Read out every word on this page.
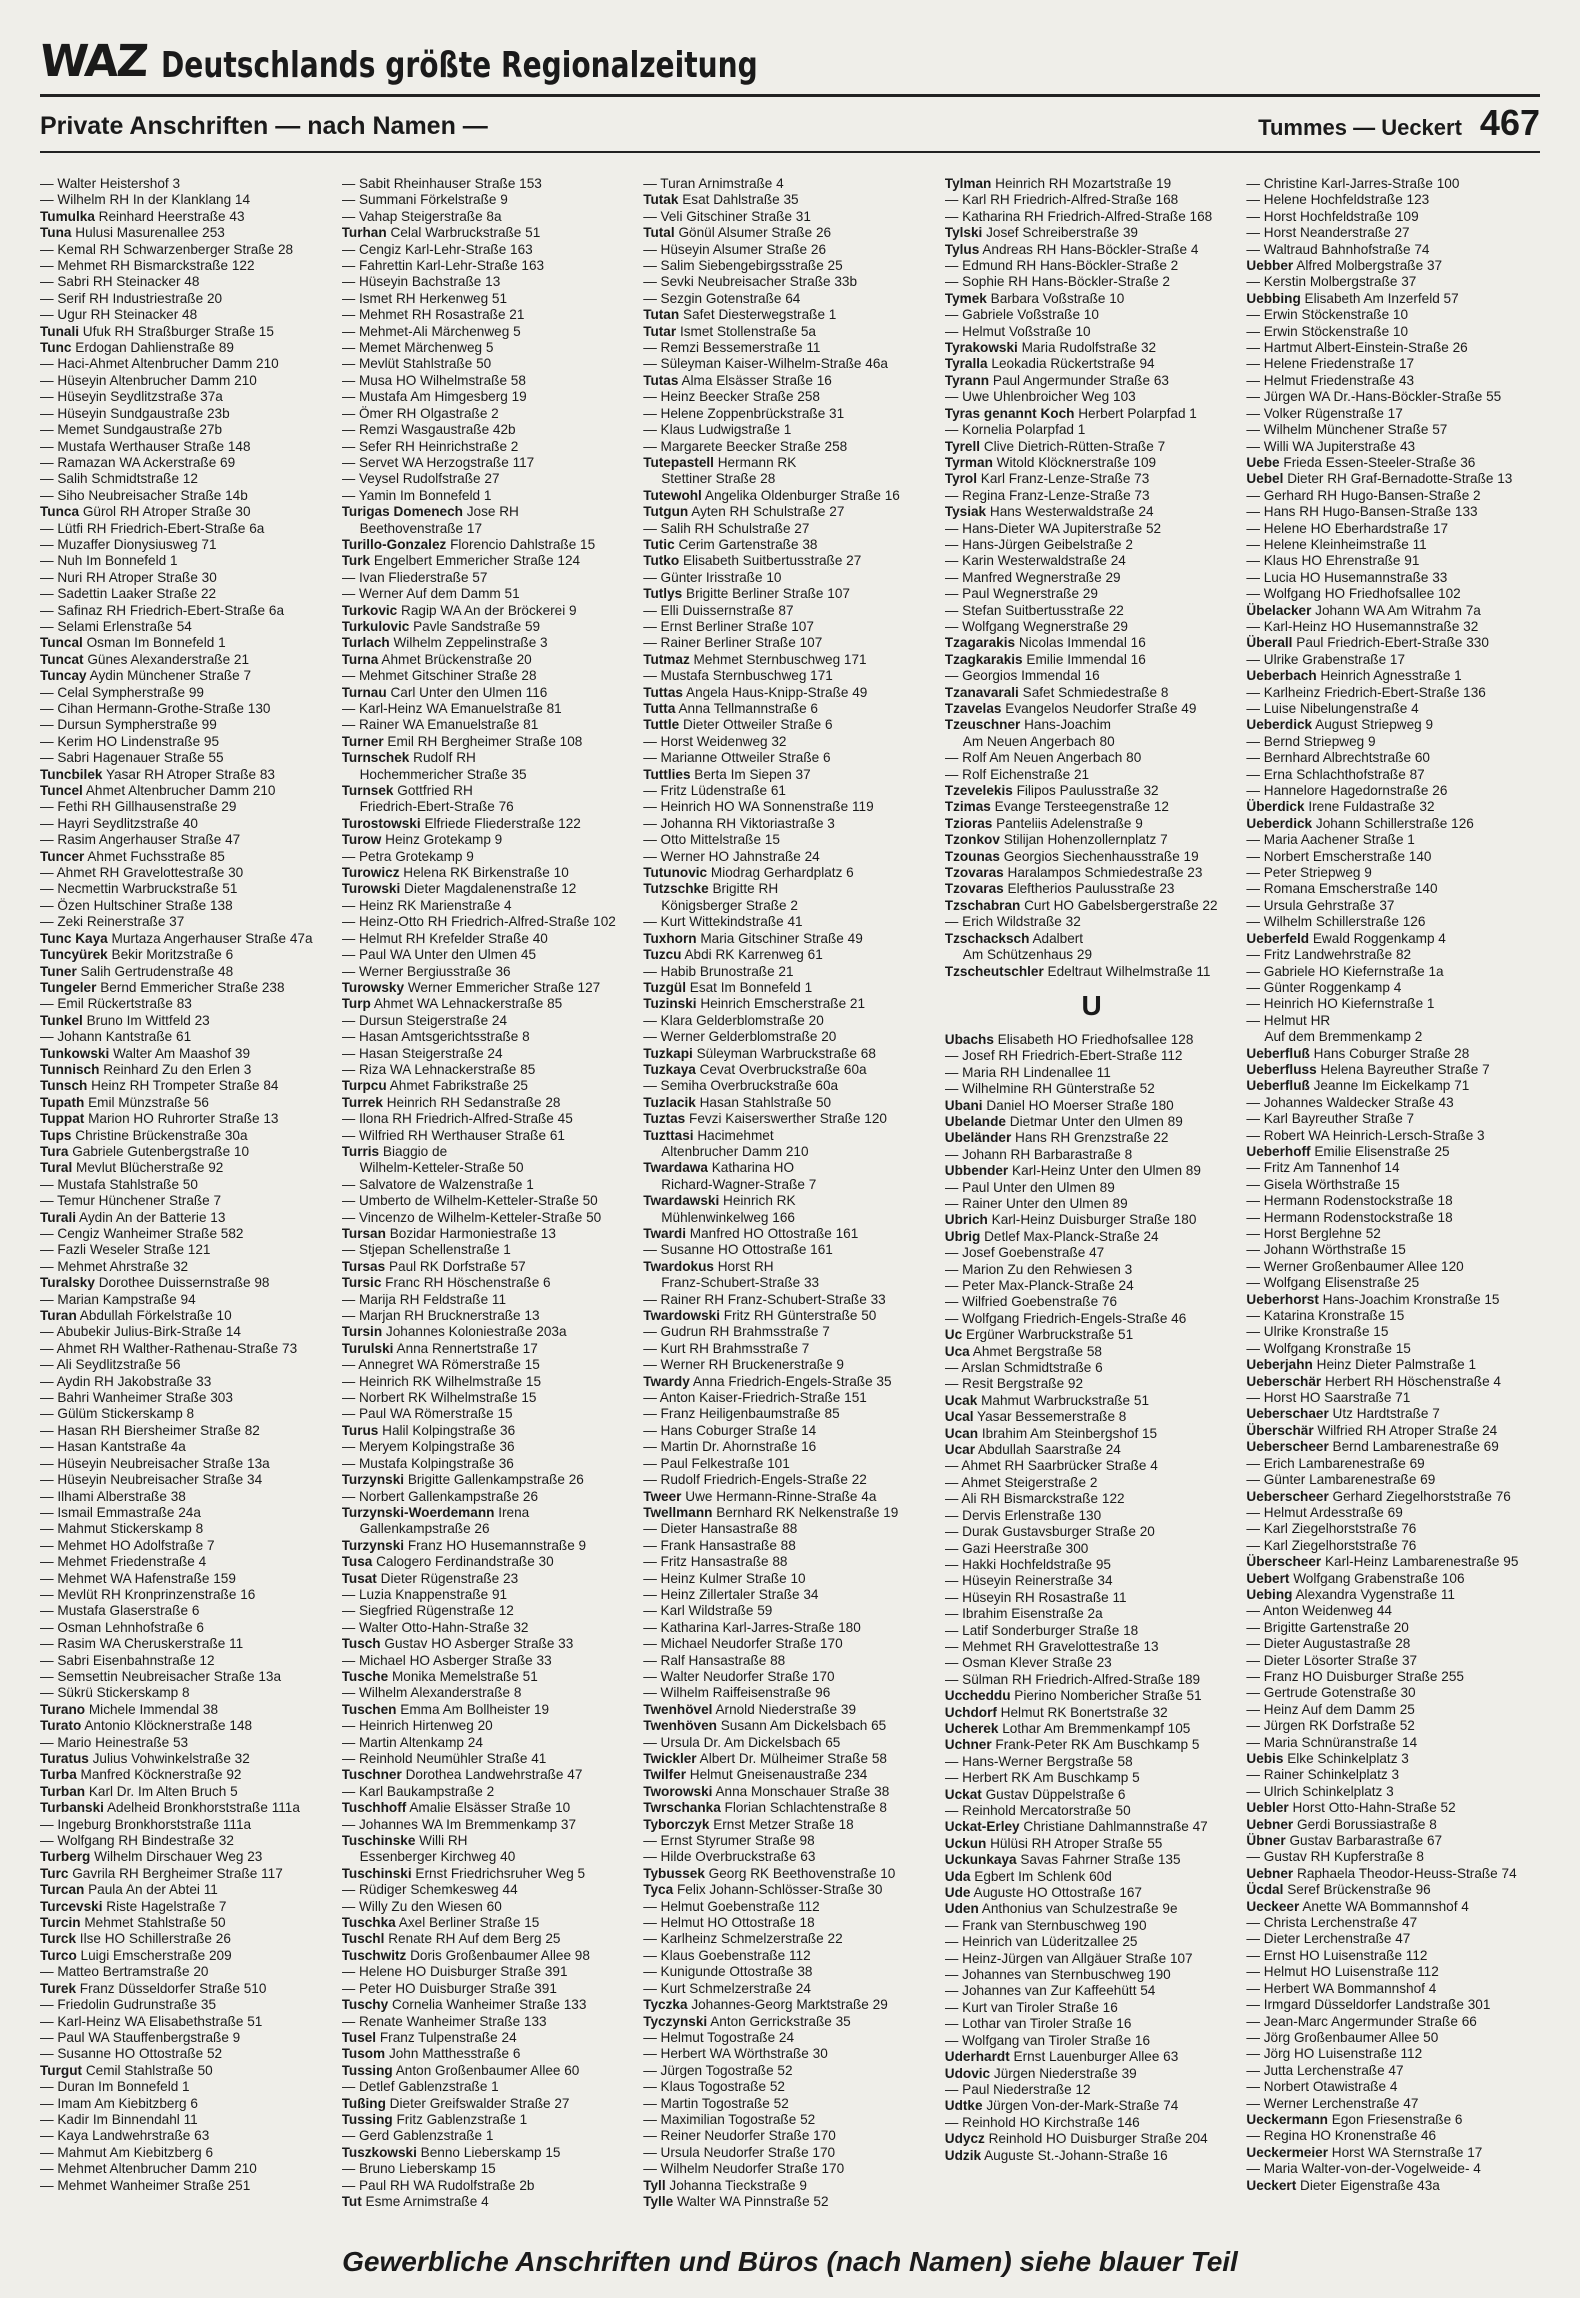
WAZ Deutschlands größte Regionalzeitung
Private Anschriften — nach Namen —	Tummes — Ueckert 467
— Walter Heistershof 3
— Wilhelm RH In der Klanklang 14
Tumulka Reinhard Heerstraße 43
Tuna Hulusi Masurenallee 253
— Kemal RH Schwarzenberger Straße 28
— Mehmet RH Bismarckstraße 122
— Sabri RH Steinacker 48
— Serif RH Industriestraße 20
— Ugur RH Steinacker 48
Tunali Ufuk RH Straßburger Straße 15
Tunc Erdogan Dahlienstraße 89
— Haci-Ahmet Altenbrucher Damm 210
— Hüseyin Altenbrucher Damm 210
— Hüseyin Seydlitzstraße 37a
— Hüseyin Sundgaustraße 23b
— Memet Sundgaustraße 27b
— Mustafa Werthauser Straße 148
— Ramazan WA Ackerstraße 69
— Salih Schmidtstraße 12
— Siho Neubreisacher Straße 14b
Tunca Gürol RH Atroper Straße 30
— Lütfi RH Friedrich-Ebert-Straße 6a
— Muzaffer Dionysiusweg 71
— Nuh Im Bonnefeld 1
— Nuri RH Atroper Straße 30
— Sadettin Laaker Straße 22
— Safinaz RH Friedrich-Ebert-Straße 6a
— Selami Erlenstraße 54
Tuncal Osman Im Bonnefeld 1
Tuncat Günes Alexanderstraße 21
Tuncay Aydin Münchener Straße 7
— Celal Sympherstraße 99
— Cihan Hermann-Grothe-Straße 130
— Dursun Sympherstraße 99
— Kerim HO Lindenstraße 95
— Sabri Hagenauer Straße 55
Tuncbilek Yasar RH Atroper Straße 83
Tuncel Ahmet Altenbrucher Damm 210
— Fethi RH Gillhausenstraße 29
— Hayri Seydlitzstraße 40
— Rasim Angerhauser Straße 47
Tuncer Ahmet Fuchsstraße 85
— Ahmet RH Gravelottestraße 30
— Necmettin Warbruckstraße 51
— Özen Hultschiner Straße 138
— Zeki Reinerstraße 37
Tunc Kaya Murtaza Angerhauser Straße 47a
Tuncyürek Bekir Moritzstraße 6
Tuner Salih Gertrudenstraße 48
Tungeler Bernd Emmericher Straße 238
— Emil Rückertstraße 83
Tunkel Bruno Im Wittfeld 23
— Johann Kantstraße 61
Tunkowski Walter Am Maashof 39
Tunnisch Reinhard Zu den Erlen 3
Tunsch Heinz RH Trompeter Straße 84
Tupath Emil Münzstraße 56
Tuppat Marion HO Ruhrorter Straße 13
Tups Christine Brückenstraße 30a
Tura Gabriele Gutenbergstraße 10
Tural Mevlut Blücherstraße 92
— Mustafa Stahlstraße 50
— Temur Hünchener Straße 7
Turali Aydin An der Batterie 13
— Cengiz Wanheimer Straße 582
— Fazli Weseler Straße 121
— Mehmet Ahrstraße 32
Turalsky Dorothee Duissernstraße 98
— Marian Kampstraße 94
Turan Abdullah Förkelstraße 10
— Abubekir Julius-Birk-Straße 14
— Ahmet RH Walther-Rathenau-Straße 73
— Ali Seydlitzstraße 56
— Aydin RH Jakobstraße 33
— Bahri Wanheimer Straße 303
— Gülüm Stickerskamp 8
— Hasan RH Biersheimer Straße 82
— Hasan Kantstraße 4a
— Hüseyin Neubreisacher Straße 13a
— Hüseyin Neubreisacher Straße 34
— Ilhami Alberstraße 38
— Ismail Emmastraße 24a
— Mahmut Stickerskamp 8
— Mehmet HO Adolfstraße 7
— Mehmet Friedenstraße 4
— Mehmet WA Hafenstraße 159
— Mevlüt RH Kronprinzenstraße 16
— Mustafa Glaserstraße 6
— Osman Lehnhofstraße 6
— Rasim WA Cheruskerstraße 11
— Sabri Eisenbahnstraße 12
— Semsettin Neubreisacher Straße 13a
— Sükrü Stickerskamp 8
Turano Michele Immendal 38
Turato Antonio Klöcknerstraße 148
— Mario Heinestraße 53
Turatus Julius Vohwinkelstraße 32
Turba Manfred Köcknerstraße 92
Turban Karl Dr. Im Alten Bruch 5
Turbanski Adelheid Bronkhorststraße 111a
— Ingeburg Bronkhorststraße 111a
— Wolfgang RH Bindestraße 32
Turberg Wilhelm Dirschauer Weg 23
Turc Gavrila RH Bergheimer Straße 117
Turcan Paula An der Abtei 11
Turcevski Riste Hagelstraße 7
Turcin Mehmet Stahlstraße 50
Turck Ilse HO Schillerstraße 26
Turco Luigi Emscherstraße 209
— Matteo Bertramstraße 20
Turek Franz Düsseldorfer Straße 510
— Friedolin Gudrunstraße 35
— Karl-Heinz WA Elisabethstraße 51
— Paul WA Stauffenbergstraße 9
— Susanne HO Ottostraße 52
Turgut Cemil Stahlstraße 50
— Duran Im Bonnefeld 1
— Imam Am Kiebitzberg 6
— Kadir Im Binnendahl 11
— Kaya Landwehrstraße 63
— Mahmut Am Kiebitzberg 6
— Mehmet Altenbrucher Damm 210
— Mehmet Wanheimer Straße 251
— Sabit Rheinhauser Straße 153
— Summani Förkelstraße 9
— Vahap Steigerstraße 8a
Turhan Celal Warbruckstraße 51
— Cengiz Karl-Lehr-Straße 163
— Fahrettin Karl-Lehr-Straße 163
— Hüseyin Bachstraße 13
— Ismet RH Herkenweg 51
— Mehmet RH Rosastraße 21
— Mehmet-Ali Märchenweg 5
— Memet Märchenweg 5
— Mevlüt Stahlstraße 50
— Musa HO Wilhelmstraße 58
— Mustafa Am Himgesberg 19
— Ömer RH Olgastraße 2
— Remzi Wasgaustraße 42b
— Sefer RH Heinrichstraße 2
— Servet WA Herzogstraße 117
— Veysel Rudolfstraße 27
— Yamin Im Bonnefeld 1
Turigas Domenech Jose RH
Beethovenstraße 17
Turillo-Gonzalez Florencio Dahlstraße 15
Turk Engelbert Emmericher Straße 124
— Ivan Fliederstraße 57
— Werner Auf dem Damm 51
Turkovic Ragip WA An der Bröckerei 9
Turkulovic Pavle Sandstraße 59
Turlach Wilhelm Zeppelinstraße 3
Turna Ahmet Brückenstraße 20
— Mehmet Gitschiner Straße 28
Turnau Carl Unter den Ulmen 116
— Karl-Heinz WA Emanuelstraße 81
— Rainer WA Emanuelstraße 81
Turner Emil RH Bergheimer Straße 108
Turnschek Rudolf RH
Hochemmericher Straße 35
Turnsek Gottfried RH
Friedrich-Ebert-Straße 76
Turostowski Elfriede Fliederstraße 122
Turow Heinz Grotekamp 9
— Petra Grotekamp 9
Turowicz Helena RK Birkenstraße 10
Turowski Dieter Magdalenenstraße 12
— Heinz RK Marienstraße 4
— Heinz-Otto RH Friedrich-Alfred-Straße 102
— Helmut RH Krefelder Straße 40
— Paul WA Unter den Ulmen 45
— Werner Bergiusstraße 36
Turowsky Werner Emmericher Straße 127
Turp Ahmet WA Lehnackerstraße 85
— Dursun Steigerstraße 24
— Hasan Amtsgerichtsstraße 8
— Hasan Steigerstraße 24
— Riza WA Lehnackerstraße 85
Turpcu Ahmet Fabrikstraße 25
Turrek Heinrich RH Sedanstraße 28
— Ilona RH Friedrich-Alfred-Straße 45
— Wilfried RH Werthauser Straße 61
Turris Biaggio de
Wilhelm-Ketteler-Straße 50
— Salvatore de Walzenstraße 1
— Umberto de Wilhelm-Ketteler-Straße 50
— Vincenzo de Wilhelm-Ketteler-Straße 50
Tursan Bozidar Harmoniestraße 13
— Stjepan Schellenstraße 1
Tursas Paul RK Dorfstraße 57
Tursic Franc RH Höschenstraße 6
— Marija RH Feldstraße 11
— Marjan RH Brucknerstraße 13
Tursin Johannes Koloniestraße 203a
Turulski Anna Rennertstraße 17
— Annegret WA Römerstraße 15
— Heinrich RK Wilhelmstraße 15
— Norbert RK Wilhelmstraße 15
— Paul WA Römerstraße 15
Turus Halil Kolpingstraße 36
— Meryem Kolpingstraße 36
— Mustafa Kolpingstraße 36
Turzynski Brigitte Gallenkampstraße 26
— Norbert Gallenkampstraße 26
Turzynski-Woerdemann Irena
Gallenkampstraße 26
Turzynski Franz HO Husemannstraße 9
Tusa Calogero Ferdinandstraße 30
Tusat Dieter Rügenstraße 23
— Luzia Knappenstraße 91
— Siegfried Rügenstraße 12
— Walter Otto-Hahn-Straße 32
Tusch Gustav HO Asberger Straße 33
— Michael HO Asberger Straße 33
Tusche Monika Memelstraße 51
— Wilhelm Alexanderstraße 8
Tuschen Emma Am Bollheister 19
— Heinrich Hirtenweg 20
— Martin Altenkamp 24
— Reinhold Neumühler Straße 41
Tuschner Dorothea Landwehrstraße 47
— Karl Baukampstraße 2
Tuschhoff Amalie Elsässer Straße 10
— Johannes WA Im Bremmenkamp 37
Tuschinske Willi RH
Essenberger Kirchweg 40
Tuschinski Ernst Friedrichsruher Weg 5
— Rüdiger Schemkesweg 44
— Willy Zu den Wiesen 60
Tuschka Axel Berliner Straße 15
Tuschl Renate RH Auf dem Berg 25
Tuschwitz Doris Großenbaumer Allee 98
— Helene HO Duisburger Straße 391
— Peter HO Duisburger Straße 391
Tuschy Cornelia Wanheimer Straße 133
— Renate Wanheimer Straße 133
Tusel Franz Tulpenstraße 24
Tusom John Matthesstraße 6
Tussing Anton Großenbaumer Allee 60
— Detlef Gablenzstraße 1
Tußing Dieter Greifswalder Straße 27
Tussing Fritz Gablenzstraße 1
— Gerd Gablenzstraße 1
Tuszkowski Benno Lieberskamp 15
— Bruno Lieberskamp 15
— Paul RH WA Rudolfstraße 2b
Tut Esme Arnimstraße 4
— Turan Arnimstraße 4
Tutak Esat Dahlstraße 35
— Veli Gitschiner Straße 31
Tutal Gönül Alsumer Straße 26
— Hüseyin Alsumer Straße 26
— Salim Siebengebirgsstraße 25
— Sevki Neubreisacher Straße 33b
— Sezgin Gotenstraße 64
Tutan Safet Diesterwegstraße 1
Tutar Ismet Stollenstraße 5a
— Remzi Bessemerstraße 11
— Süleyman Kaiser-Wilhelm-Straße 46a
Tutas Alma Elsässer Straße 16
— Heinz Beecker Straße 258
— Helene Zoppenbrückstraße 31
— Klaus Ludwigstraße 1
— Margarete Beecker Straße 258
Tutepastell Hermann RK
Stettiner Straße 28
Tutewohl Angelika Oldenburger Straße 16
Tutgun Ayten RH Schulstraße 27
— Salih RH Schulstraße 27
Tutic Cerim Gartenstraße 38
Tutko Elisabeth Suitbertusstraße 27
— Günter Irisstraße 10
Tutlys Brigitte Berliner Straße 107
— Elli Duissernstraße 87
— Ernst Berliner Straße 107
— Rainer Berliner Straße 107
Tutmaz Mehmet Sternbuschweg 171
— Mustafa Sternbuschweg 171
Tuttas Angela Haus-Knipp-Straße 49
Tutta Anna Tellmannstraße 6
Tuttle Dieter Ottweiler Straße 6
— Horst Weidenweg 32
— Marianne Ottweiler Straße 6
Tuttlies Berta Im Siepen 37
— Fritz Lüdenstraße 61
— Heinrich HO WA Sonnenstraße 119
— Johanna RH Viktoriastraße 3
— Otto Mittelstraße 15
— Werner HO Jahnstraße 24
Tutunovic Miodrag Gerhardplatz 6
Tutzschke Brigitte RH
Königsberger Straße 2
— Kurt Wittekindstraße 41
Tuxhorn Maria Gitschiner Straße 49
Tuzcu Abdi RK Karrenweg 61
— Habib Brunostraße 21
Tuzgül Esat Im Bonnefeld 1
Tuzinski Heinrich Emscherstraße 21
— Klara Gelderblomstraße 20
— Werner Gelderblomstraße 20
Tuzkapi Süleyman Warbruckstraße 68
Tuzkaya Cevat Overbruckstraße 60a
— Semiha Overbruckstraße 60a
Tuzlacik Hasan Stahlstraße 50
Tuztas Fevzi Kaiserswerther Straße 120
Tuzttasi Hacimehmet
Altenbrucher Damm 210
Twardawa Katharina HO
Richard-Wagner-Straße 7
Twardawski Heinrich RK
Mühlenwinkelweg 166
Twardi Manfred HO Ottostraße 161
— Susanne HO Ottostraße 161
Twardokus Horst RH
Franz-Schubert-Straße 33
— Rainer RH Franz-Schubert-Straße 33
Twardowski Fritz RH Günterstraße 50
— Gudrun RH Brahmsstraße 7
— Kurt RH Brahmsstraße 7
— Werner RH Bruckenerstraße 9
Twardy Anna Friedrich-Engels-Straße 35
— Anton Kaiser-Friedrich-Straße 151
— Franz Heiligenbaumstraße 85
— Hans Coburger Straße 14
— Martin Dr. Ahornstraße 16
— Paul Felkestraße 101
— Rudolf Friedrich-Engels-Straße 22
Tweer Uwe Hermann-Rinne-Straße 4a
Twellmann Bernhard RK Nelkenstraße 19
— Dieter Hansastraße 88
— Frank Hansastraße 88
— Fritz Hansastraße 88
— Heinz Kulmer Straße 10
— Heinz Zillertaler Straße 34
— Karl Wildstraße 59
— Katharina Karl-Jarres-Straße 180
— Michael Neudorfer Straße 170
— Ralf Hansastraße 88
— Walter Neudorfer Straße 170
— Wilhelm Raiffeisenstraße 96
Twenhövel Arnold Niederstraße 39
Twenhöven Susann Am Dickelsbach 65
— Ursula Dr. Am Dickelsbach 65
Twickler Albert Dr. Mülheimer Straße 58
Twilfer Helmut Gneisenaustraße 234
Tworowski Anna Monschauer Straße 38
Twrschanka Florian Schlachtenstraße 8
Tyborczyk Ernst Metzer Straße 18
— Ernst Styrumer Straße 98
— Hilde Overbruckstraße 63
Tybussek Georg RK Beethovenstraße 10
Tyca Felix Johann-Schlösser-Straße 30
— Helmut Goebenstraße 112
— Helmut HO Ottostraße 18
— Karlheinz Schmelzerstraße 22
— Klaus Goebenstraße 112
— Kunigunde Ottostraße 38
— Kurt Schmelzerstraße 24
Tyczka Johannes-Georg Marktstraße 29
Tyczynski Anton Gerrickstraße 35
— Helmut Togostraße 24
— Herbert WA Wörthstraße 30
— Jürgen Togostraße 52
— Klaus Togostraße 52
— Martin Togostraße 52
— Maximilian Togostraße 52
— Reiner Neudorfer Straße 170
— Ursula Neudorfer Straße 170
— Wilhelm Neudorfer Straße 170
Tyll Johanna Tieckstraße 9
Tylle Walter WA Pinnstraße 52
Tylman Heinrich RH Mozartstraße 19
— Karl RH Friedrich-Alfred-Straße 168
— Katharina RH Friedrich-Alfred-Straße 168
Tylski Josef Schreiberstraße 39
Tylus Andreas RH Hans-Böckler-Straße 4
— Edmund RH Hans-Böckler-Straße 2
— Sophie RH Hans-Böckler-Straße 2
Tymek Barbara Voßstraße 10
— Gabriele Voßstraße 10
— Helmut Voßstraße 10
Tyrakowski Maria Rudolfstraße 32
Tyralla Leokadia Rückertstraße 94
Tyrann Paul Angermunder Straße 63
— Uwe Uhlenbroicher Weg 103
Tyras genannt Koch Herbert Polarpfad 1
— Kornelia Polarpfad 1
Tyrell Clive Dietrich-Rütten-Straße 7
Tyrman Witold Klöcknerstraße 109
Tyrol Karl Franz-Lenze-Straße 73
— Regina Franz-Lenze-Straße 73
Tysiak Hans Westerwaldstraße 24
— Hans-Dieter WA Jupiterstraße 52
— Hans-Jürgen Geibelstraße 2
— Karin Westerwaldstraße 24
— Manfred Wegnerstraße 29
— Paul Wegnerstraße 29
— Stefan Suitbertusstraße 22
— Wolfgang Wegnerstraße 29
Tzagarakis Nicolas Immendal 16
Tzagkarakis Emilie Immendal 16
— Georgios Immendal 16
Tzanavarali Safet Schmiedestraße 8
Tzavelas Evangelos Neudorfer Straße 49
Tzeuschner Hans-Joachim
Am Neuen Angerbach 80
— Rolf Am Neuen Angerbach 80
— Rolf Eichenstraße 21
Tzevelekis Filipos Paulusstraße 32
Tzimas Evange Tersteegenstraße 12
Tzioras Panteliis Adelenstraße 9
Tzonkov Stilijan Hohenzollernplatz 7
Tzounas Georgios Siechenhausstraße 19
Tzovaras Haralampos Schmiedestraße 23
Tzovaras Eleftherios Paulusstraße 23
Tzschabran Curt HO Gabelsbergerstraße 22
— Erich Wildstraße 32
Tzschacksch Adalbert
Am Schützenhaus 29
Tzscheutschler Edeltraut Wilhelmstraße 11
U
Ubachs Elisabeth HO Friedhofsallee 128
— Josef RH Friedrich-Ebert-Straße 112
— Maria RH Lindenallee 11
— Wilhelmine RH Günterstraße 52
Ubani Daniel HO Moerser Straße 180
Ubelande Dietmar Unter den Ulmen 89
Ubeländer Hans RH Grenzstraße 22
— Johann RH Barbarastraße 8
Ubbender Karl-Heinz Unter den Ulmen 89
— Paul Unter den Ulmen 89
— Rainer Unter den Ulmen 89
Ubrich Karl-Heinz Duisburger Straße 180
Ubrig Detlef Max-Planck-Straße 24
— Josef Goebenstraße 47
— Marion Zu den Rehwiesen 3
— Peter Max-Planck-Straße 24
— Wilfried Goebenstraße 76
— Wolfgang Friedrich-Engels-Straße 46
Uc Ergüner Warbruckstraße 51
Uca Ahmet Bergstraße 58
— Arslan Schmidtstraße 6
— Resit Bergstraße 92
Ucak Mahmut Warbruckstraße 51
Ucal Yasar Bessemerstraße 8
Ucan Ibrahim Am Steinbergshof 15
Ucar Abdullah Saarstraße 24
— Ahmet RH Saarbrücker Straße 4
— Ahmet Steigerstraße 2
— Ali RH Bismarckstraße 122
— Dervis Erlenstraße 130
— Durak Gustavsburger Straße 20
— Gazi Heerstraße 300
— Hakki Hochfeldstraße 95
— Hüseyin Reinerstraße 34
— Hüseyin RH Rosastraße 11
— Ibrahim Eisenstraße 2a
— Latif Sonderburger Straße 18
— Mehmet RH Gravelottestraße 13
— Osman Klever Straße 23
— Sülman RH Friedrich-Alfred-Straße 189
Uccheddu Pierino Nombericher Straße 51
Uchdorf Helmut RK Bonertstraße 32
Ucherek Lothar Am Bremmenkampf 105
Uchner Frank-Peter RK Am Buschkamp 5
— Hans-Werner Bergstraße 58
— Herbert RK Am Buschkamp 5
Uckat Gustav Düppelstraße 6
— Reinhold Mercatorstraße 50
Uckat-Erley Christiane Dahlmannstraße 47
Uckun Hülüsi RH Atroper Straße 55
Uckunkaya Savas Fahrner Straße 135
Uda Egbert Im Schlenk 60d
Ude Auguste HO Ottostraße 167
Uden Anthonius van Schulzestraße 9e
— Frank van Sternbuschweg 190
— Heinrich van Lüderitzallee 25
— Heinz-Jürgen van Allgäuer Straße 107
— Johannes van Sternbuschweg 190
— Johannes van Zur Kaffeehütt 54
— Kurt van Tiroler Straße 16
— Lothar van Tiroler Straße 16
— Wolfgang van Tiroler Straße 16
Uderhardt Ernst Lauenburger Allee 63
Udovic Jürgen Niederstraße 39
— Paul Niederstraße 12
Udtke Jürgen Von-der-Mark-Straße 74
— Reinhold HO Kirchstraße 146
Udycz Reinhold HO Duisburger Straße 204
Udzik Auguste St.-Johann-Straße 16
— Christine Karl-Jarres-Straße 100
— Helene Hochfeldstraße 123
— Horst Hochfeldstraße 109
— Horst Neanderstraße 27
— Waltraud Bahnhofstraße 74
Uebber Alfred Molbergstraße 37
— Kerstin Molbergstraße 37
Uebbing Elisabeth Am Inzerfeld 57
— Erwin Stöckenstraße 10
— Erwin Stöckenstraße 10
— Hartmut Albert-Einstein-Straße 26
— Helene Friedenstraße 17
— Helmut Friedenstraße 43
— Jürgen WA Dr.-Hans-Böckler-Straße 55
— Volker Rügenstraße 17
— Wilhelm Münchener Straße 57
— Willi WA Jupiterstraße 43
Uebe Frieda Essen-Steeler-Straße 36
Uebel Dieter RH Graf-Bernadotte-Straße 13
— Gerhard RH Hugo-Bansen-Straße 2
— Hans RH Hugo-Bansen-Straße 133
— Helene HO Eberhardstraße 17
— Helene Kleinheimstraße 11
— Klaus HO Ehrenstraße 91
— Lucia HO Husemannstraße 33
— Wolfgang HO Friedhofsallee 102
Übelacker Johann WA Am Witrahm 7a
— Karl-Heinz HO Husemannstraße 32
Überall Paul Friedrich-Ebert-Straße 330
— Ulrike Grabenstraße 17
Ueberbach Heinrich Agnesstraße 1
— Karlheinz Friedrich-Ebert-Straße 136
— Luise Nibelungenstraße 4
Ueberdick August Striepweg 9
— Bernd Striepweg 9
— Bernhard Albrechtstraße 60
— Erna Schlachthofstraße 87
— Hannelore Hagedornstraße 26
Überdick Irene Fuldastraße 32
Ueberdick Johann Schillerstraße 126
— Maria Aachener Straße 1
— Norbert Emscherstraße 140
— Peter Striepweg 9
— Romana Emscherstraße 140
— Ursula Gehrstraße 37
— Wilhelm Schillerstraße 126
Ueberfeld Ewald Roggenkamp 4
— Fritz Landwehrstraße 82
— Gabriele HO Kiefernstraße 1a
— Günter Roggenkamp 4
— Heinrich HO Kiefernstraße 1
— Helmut HR
Auf dem Bremmenkamp 2
Ueberfluß Hans Coburger Straße 28
Ueberfluss Helena Bayreuther Straße 7
Ueberfluß Jeanne Im Eickelkamp 71
— Johannes Waldecker Straße 43
— Karl Bayreuther Straße 7
— Robert WA Heinrich-Lersch-Straße 3
Ueberhoff Emilie Elisenstraße 25
— Fritz Am Tannenhof 14
— Gisela Wörthstraße 15
— Hermann Rodenstockstraße 18
— Hermann Rodenstockstraße 18
— Horst Berglehne 52
— Johann Wörthstraße 15
— Werner Großenbaumer Allee 120
— Wolfgang Elisenstraße 25
Ueberhorst Hans-Joachim Kronstraße 15
— Katarina Kronstraße 15
— Ulrike Kronstraße 15
— Wolfgang Kronstraße 15
Ueberjahn Heinz Dieter Palmstraße 1
Ueberschär Herbert RH Höschenstraße 4
— Horst HO Saarstraße 71
Ueberschaer Utz Hardtstraße 7
Überschär Wilfried RH Atroper Straße 24
Ueberscheer Bernd Lambarenestraße 69
— Erich Lambarenestraße 69
— Günter Lambarenestraße 69
Ueberscheer Gerhard Ziegelhorststraße 76
— Helmut Ardesstraße 69
— Karl Ziegelhorststraße 76
— Karl Ziegelhorststraße 76
Überscheer Karl-Heinz Lambarenestraße 95
Uebert Wolfgang Grabenstraße 106
Uebing Alexandra Vygenstraße 11
— Anton Weidenweg 44
— Brigitte Gartenstraße 20
— Dieter Augustastraße 28
— Dieter Lösorter Straße 37
— Franz HO Duisburger Straße 255
— Gertrude Gotenstraße 30
— Heinz Auf dem Damm 25
— Jürgen RK Dorfstraße 52
— Maria Schnüranstraße 14
Uebis Elke Schinkelplatz 3
— Rainer Schinkelplatz 3
— Ulrich Schinkelplatz 3
Uebler Horst Otto-Hahn-Straße 52
Uebner Gerdi Borussiastraße 8
Übner Gustav Barbarastraße 67
— Gustav RH Kupferstraße 8
Uebner Raphaela Theodor-Heuss-Straße 74
Ücdal Seref Brückenstraße 96
Ueckeer Anette WA Bommannshof 4
— Christa Lerchenstraße 47
— Dieter Lerchenstraße 47
— Ernst HO Luisenstraße 112
— Helmut HO Luisenstraße 112
— Herbert WA Bommannshof 4
— Irmgard Düsseldorfer Landstraße 301
— Jean-Marc Angermunder Straße 66
— Jörg Großenbaumer Allee 50
— Jörg HO Luisenstraße 112
— Jutta Lerchenstraße 47
— Norbert Otawistraße 4
— Werner Lerchenstraße 47
Ueckermann Egon Friesenstraße 6
— Regina HO Kronenstraße 46
Ueckermeier Horst WA Sternstraße 17
— Maria Walter-von-der-Vogelweide- 4
Ueckert Dieter Eigenstraße 43a
Gewerbliche Anschriften und Büros (nach Namen) siehe blauer Teil
